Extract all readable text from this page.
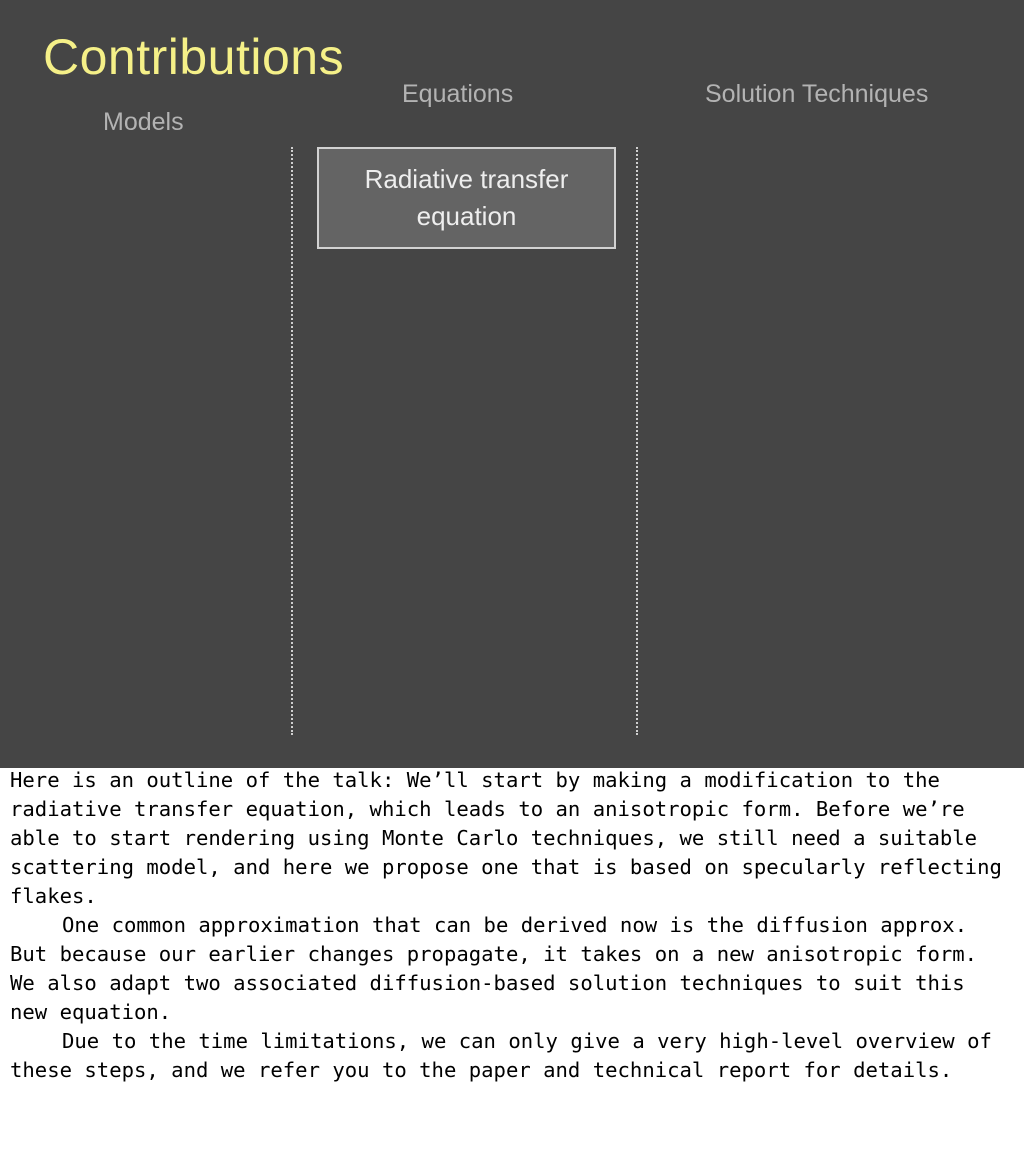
Contributions
Models
Equations	Solution Techniques
Radiative transfer equation

Here is an outline of the talk: We’ll start by making a modification to the radiative transfer equation, which leads to an anisotropic form. Before we’re able to start rendering using Monte Carlo techniques, we still need a suitable scattering model, and here we propose one that is based on specularly reflecting flakes.

One common approximation that can be derived now is the diffusion approx. But because our earlier changes propagate, it takes on a new anisotropic form. We also adapt two associated diffusion-based solution techniques to suit this new equation.

Due to the time limitations, we can only give a very high-level overview of these steps, and we refer you to the paper and technical report for details.
